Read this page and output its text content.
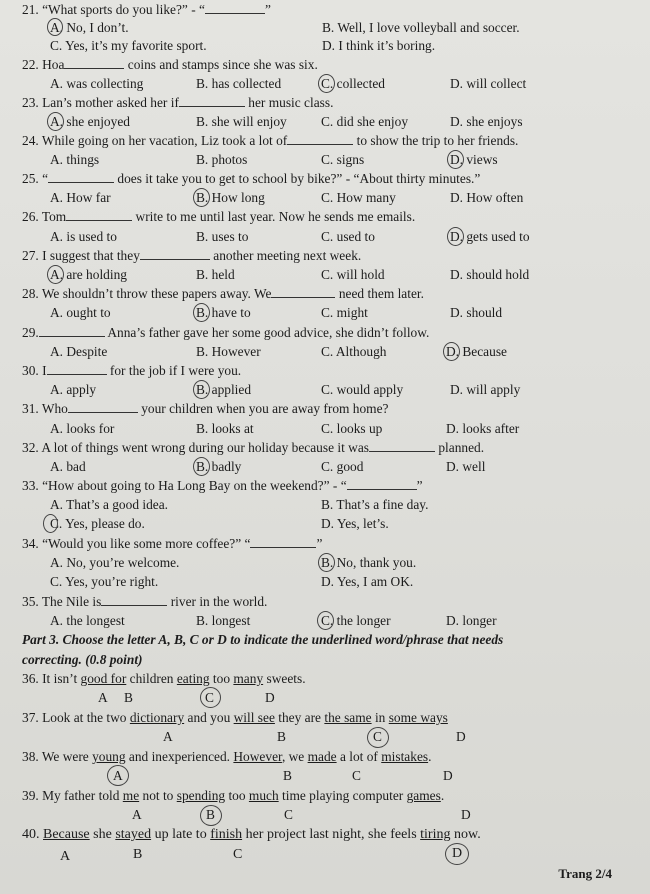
21. “What sports do you like?” - “	”
A. No, I don’t.	B. Well, I love volleyball and soccer.
C. Yes, it’s my favorite sport.	D. I think it’s boring.
22. Hoa	coins and stamps since she was six.
A. was collecting	B. has collected	C. collected	D. will collect
23. Lan’s mother asked her if	her music class.
A. she enjoyed	B. she will enjoy	C. did she enjoy	D. she enjoys
24. While going on her vacation, Liz took a lot of	to show the trip to her friends.
A. things	B. photos	C. signs	D. views
25. “	does it take you to get to school by bike?” - “About thirty minutes.”
A. How far	B. How long	C. How many	D. How often
26. Tom	write to me until last year. Now he sends me emails.
A. is used to	B. uses to	C. used to	D. gets used to
27. I suggest that they	another meeting next week.
A. are holding	B. held	C. will hold	D. should hold
28. We shouldn’t throw these papers away. We	need them later.
A. ought to	B. have to	C. might	D. should
29.	Anna’s father gave her some good advice, she didn’t follow.
A. Despite	B. However	C. Although	D. Because
30. I	for the job if I were you.
A. apply	B. applied	C. would apply	D. will apply
31. Who	your children when you are away from home?
A. looks for	B. looks at	C. looks up	D. looks after
32. A lot of things went wrong during our holiday because it was	planned.
A. bad	B. badly	C. good	D. well
33. “How about going to Ha Long Bay on the weekend?” - “	”
A. That’s a good idea.	B. That’s a fine day.
C. Yes, please do.	D. Yes, let’s.
34. “Would you like some more coffee?” “	”
A. No, you’re welcome.	B. No, thank you.
C. Yes, you’re right.	D. Yes, I am OK.
35. The Nile is	river in the world.
A. the longest	B. longest	C. the longer	D. longer
Part 3. Choose the letter A, B, C or D to indicate the underlined word/phrase that needs
correcting. (0.8 point)
36. It isn’t good for children eating too many sweets.
A B	C	D
37. Look at the two dictionary and you will see they are the same in some ways
A	B	C	D
38. We were young and inexperienced. However, we made a lot of mistakes.
A	B	C	D
39. My father told me not to spending too much time playing computer games.
A	B	C	D
40. Because she stayed up late to finish her project last night, she feels tiring now.
A	B	C	D
Trang 2/4
